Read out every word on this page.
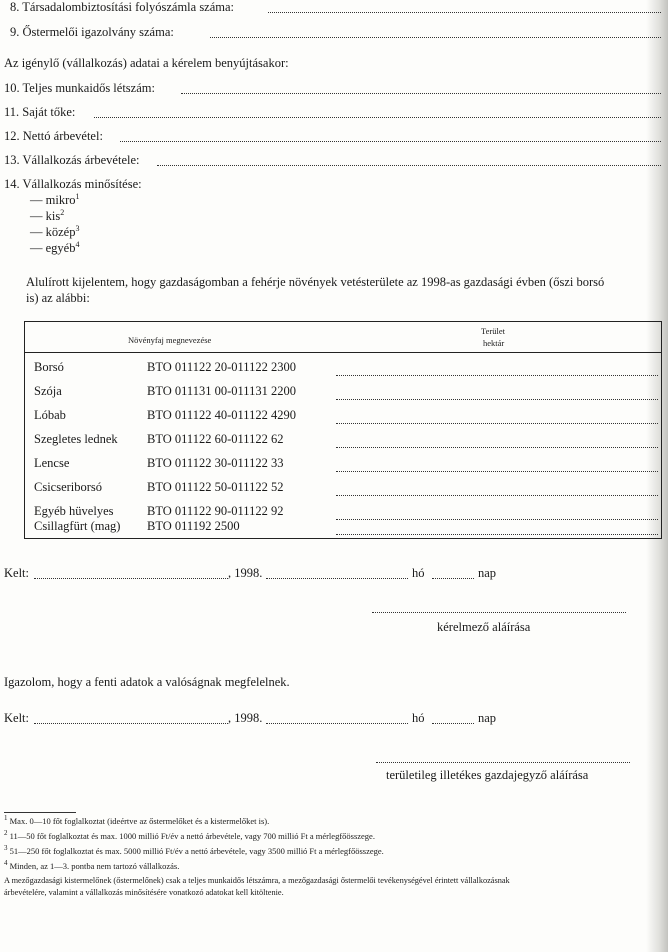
8. Társadalombiztosítási folyószámla száma:
9. Őstermelői igazolvány száma:
Az igénylő (vállalkozás) adatai a kérelem benyújtásakor:
10. Teljes munkaidős létszám:
11. Saját tőke:
12. Nettó árbevétel:
13. Vállalkozás árbevétele:
14. Vállalkozás minősítése:
— mikro$^1$
— kis$^2$
— közép$^3$
— egyéb$^4$
Alulírott kijelentem, hogy gazdaságomban a fehérje növények vetésterülete az 1998-as gazdasági évben (őszi borsó
is) az alábbi:
Növényfaj megnevezése
Terület
hektár
Borsó	BTO 011122 20-011122 2300
Szója	BTO 011131 00-011131 2200
Lóbab	BTO 011122 40-011122 4290
Szegletes lednek BTO 011122 60-011122 62
Lencse	BTO 011122 30-011122 33
Csicseriborsó	BTO 011122 50-011122 52
Egyéb hüvelyes	BTO 011122 90-011122 92
Csillagfürt (mag) BTO 011192 2500
Kelt:	, 1998.	hó	nap
kérelmező aláírása
Igazolom, hogy a fenti adatok a valóságnak megfelelnek.
Kelt:	, 1998.	hó	nap
területileg illetékes gazdajegyző aláírása
$^1$ Max. 0—10 főt foglalkoztat (ideértve az őstermelőket és a kistermelőket is).
$^2$ 11—50 főt foglalkoztat és max. 1000 millió Ft/év a nettó árbevétele, vagy 700 millió Ft a mérlegfőösszege.
$^3$ 51—250 főt foglalkoztat és max. 5000 millió Ft/év a nettó árbevétele, vagy 3500 millió Ft a mérlegfőösszege.
$^4$ Minden, az 1—3. pontba nem tartozó vállalkozás.
A mezőgazdasági kistermelőnek (őstermelőnek) csak a teljes munkaidős létszámra, a mezőgazdasági őstermelői tevékenységével érintett vállalkozásnak
árbevételére, valamint a vállalkozás minősítésére vonatkozó adatokat kell kitöltenie.
